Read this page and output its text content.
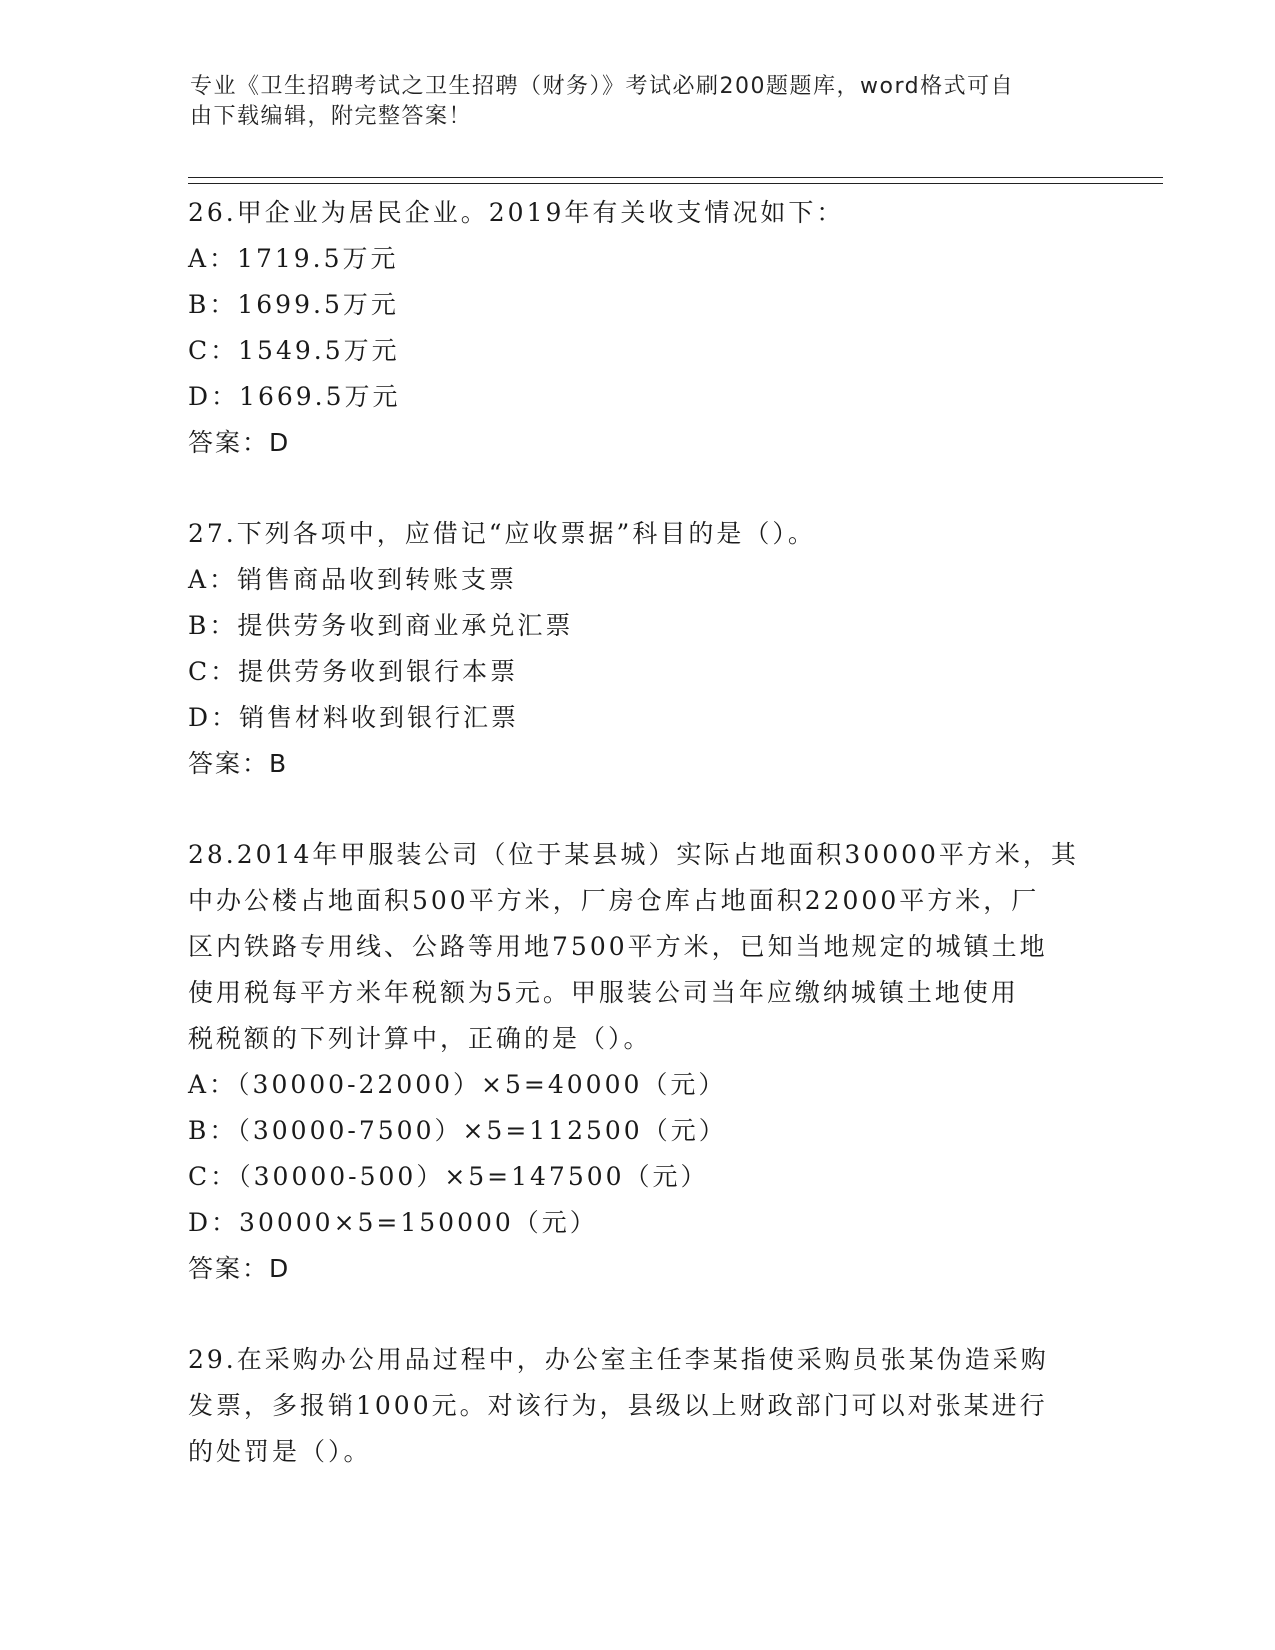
专业《卫生招聘考试之卫生招聘（财务）》考试必刷200题题库，word格式可自
由下载编辑，附完整答案！
26.甲企业为居民企业。2019年有关收支情况如下：
A：1719.5万元
B：1699.5万元
C：1549.5万元
D：1669.5万元
答案：D
27.下列各项中，应借记“应收票据”科目的是（）。
A：销售商品收到转账支票
B：提供劳务收到商业承兑汇票
C：提供劳务收到银行本票
D：销售材料收到银行汇票
答案：B
28.2014年甲服装公司（位于某县城）实际占地面积30000平方米，其
中办公楼占地面积500平方米，厂房仓库占地面积22000平方米，厂
区内铁路专用线、公路等用地7500平方米，已知当地规定的城镇土地
使用税每平方米年税额为5元。甲服装公司当年应缴纳城镇土地使用
税税额的下列计算中，正确的是（）。
A：（30000-22000）×5=40000（元）
B：（30000-7500）×5=112500（元）
C：（30000-500）×5=147500（元）
D：30000×5=150000（元）
答案：D
29.在采购办公用品过程中，办公室主任李某指使采购员张某伪造采购
发票，多报销1000元。对该行为，县级以上财政部门可以对张某进行
的处罚是（）。
